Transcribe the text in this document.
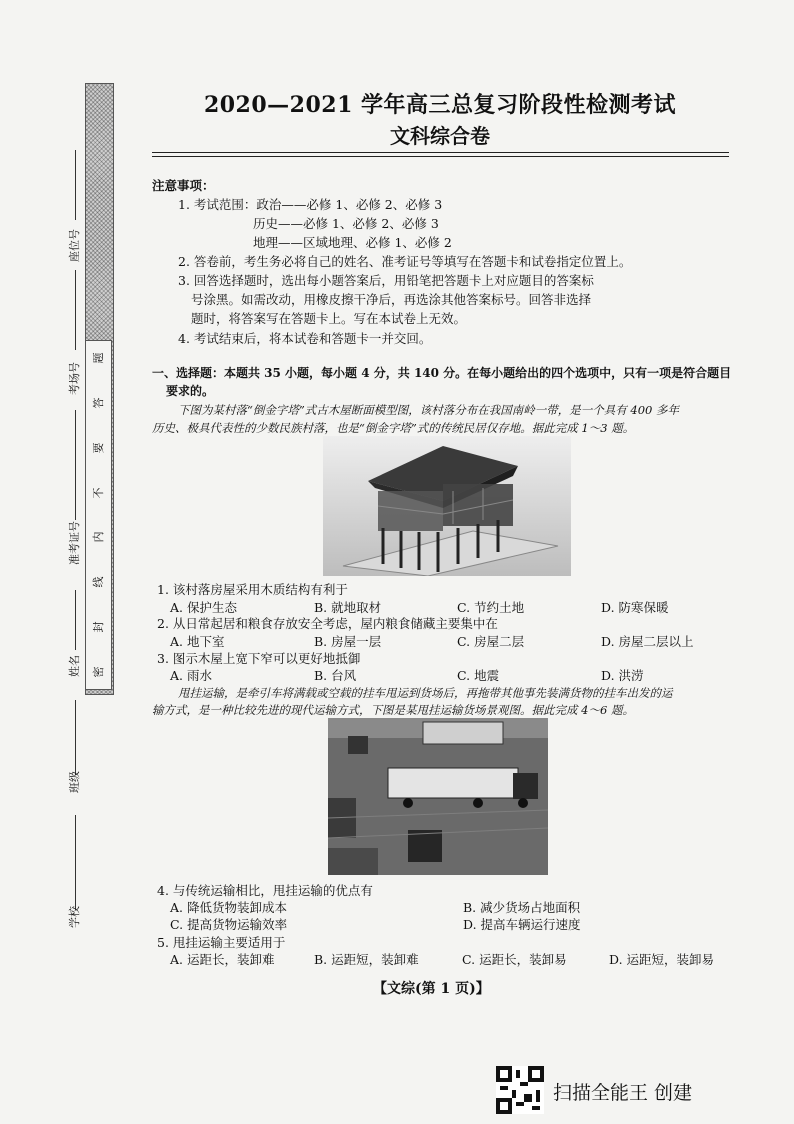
题
答
要
不
内
线
封
密
座位号
考场号
准考证号
姓名
班级
学校
2020—2021 学年高三总复习阶段性检测考试
文科综合卷
注意事项：
1. 考试范围：政治——必修 1、必修 2、必修 3
历史——必修 1、必修 2、必修 3
地理——区域地理、必修 1、必修 2
2. 答卷前，考生务必将自己的姓名、准考证号等填写在答题卡和试卷指定位置上。
3. 回答选择题时，选出每小题答案后，用铅笔把答题卡上对应题目的答案标
号涂黑。如需改动，用橡皮擦干净后，再选涂其他答案标号。回答非选择
题时，将答案写在答题卡上。写在本试卷上无效。
4. 考试结束后，将本试卷和答题卡一并交回。
一、选择题：本题共 35 小题，每小题 4 分，共 140 分。在每小题给出的四个选项中，只有一项是符合题目
要求的。
下图为某村落“倒金字塔”式古木屋断面模型图，该村落分布在我国南岭一带，是一个具有 400 多年
历史、极具代表性的少数民族村落，也是“倒金字塔”式的传统民居仅存地。据此完成 1～3 题。
1. 该村落房屋采用木质结构有利于
A. 保护生态	B. 就地取材	C. 节约土地	D. 防寒保暖
2. 从日常起居和粮食存放安全考虑，屋内粮食储藏主要集中在
A. 地下室	B. 房屋一层	C. 房屋二层	D. 房屋二层以上
3. 图示木屋上宽下窄可以更好地抵御
A. 雨水	B. 台风	C. 地震	D. 洪涝
甩挂运输，是牵引车将满载或空载的挂车甩运到货场后，再拖带其他事先装满货物的挂车出发的运
输方式，是一种比较先进的现代运输方式，下图是某甩挂运输货场景观图。据此完成 4～6 题。
4. 与传统运输相比，甩挂运输的优点有
A. 降低货物装卸成本	B. 减少货场占地面积
C. 提高货物运输效率	D. 提高车辆运行速度
5. 甩挂运输主要适用于
A. 运距长，装卸难	B. 运距短，装卸难	C. 运距长，装卸易	D. 运距短，装卸易
【文综(第 1 页)】
扫描全能王 创建
